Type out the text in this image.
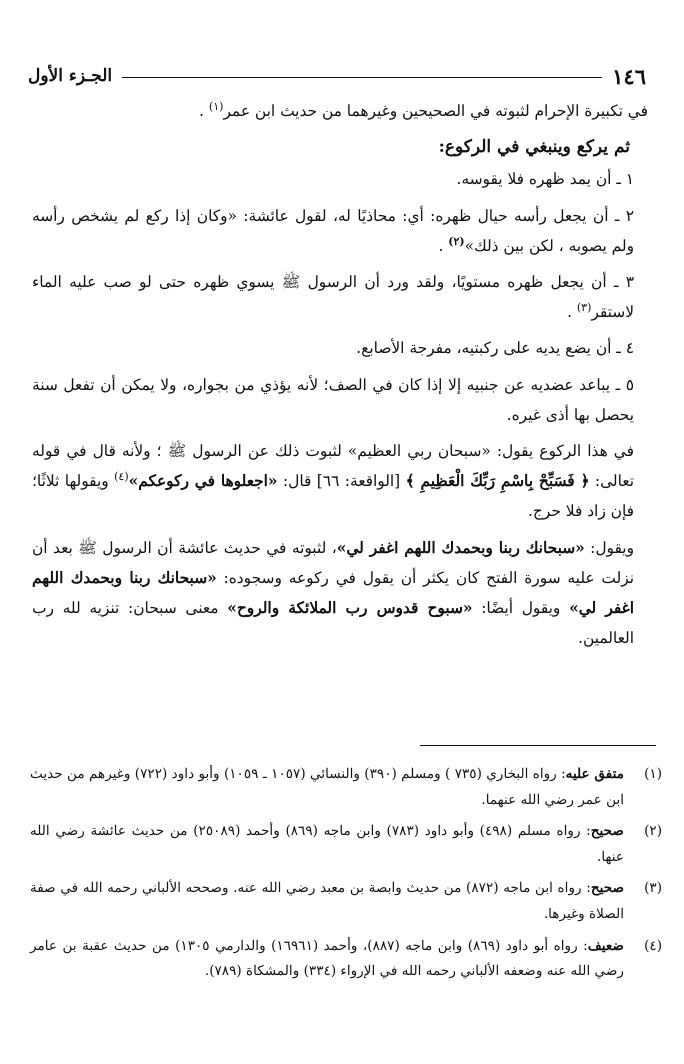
١٤٦
الجـزء الأول

في تكبيرة الإحرام لثبوته في الصحيحين وغيرهما من حديث ابن عمر$^{(١)}$ .

ثم يركع وينبغي في الركوع:

١ ـ أن يمد ظهره فلا يقوسه.

٢ ـ أن يجعل رأسه حيال ظهره: أي: محاذيًا له، لقول عائشة: «وكان إذا ركع لم يشخص رأسه ولم يصوبه ، لكن بين ذلك»$^{(٢)}$ .

٣ ـ أن يجعل ظهره مستويًا، ولقد ورد أن الرسول ﷺ يسوي ظهره حتى لو صب عليه الماء لاستقر$^{(٣)}$ .

٤ ـ أن يضع يديه على ركبتيه، مفرجة الأصابع.

٥ ـ يباعد عضديه عن جنبيه إلا إذا كان في الصف؛ لأنه يؤذي من بجواره، ولا يمكن أن تفعل سنة يحصل بها أذى غيره.

في هذا الركوع يقول: «سبحان ربي العظيم» لثبوت ذلك عن الرسول ﷺ ؛ ولأنه قال في قوله تعالى: ﴿ فَسَبِّحْ بِاسْمِ رَبِّكَ الْعَظِيمِ ﴾ [الواقعة: ٦٦] قال: «اجعلوها في ركوعكم»$^{(٤)}$ ويقولها ثلاثًا؛ فإن زاد فلا حرج.

ويقول: «سبحانك ربنا وبحمدك اللهم اغفر لي»، لثبوته في حديث عائشة أن الرسول ﷺ بعد أن نزلت عليه سورة الفتح كان يكثر أن يقول في ركوعه وسجوده: «سبحانك ربنا وبحمدك اللهم اغفر لي» ويقول أيضًا: «سبوح قدوس رب الملائكة والروح» معنى سبحان: تنزيه لله رب العالمين.

(١)
متفق عليه: رواه البخاري (٧٣٥ ) ومسلم (٣٩٠) والنسائي (١٠٥٧ ـ ١٠٥٩) وأبو داود (٧٢٢) وغيرهم من حديث ابن عمر رضي الله عنهما.
(٢)
صحيح: رواه مسلم (٤٩٨) وأبو داود (٧٨٣) وابن ماجه (٨٦٩) وأحمد (٢٥٠٨٩) من حديث عائشة رضي الله عنها.
(٣)
صحيح: رواه ابن ماجه (٨٧٢) من حديث وابصة بن معبد رضي الله عنه. وصححه الألباني رحمه الله في صفة الصلاة وغيرها.
(٤)
ضعيف: رواه أبو داود (٨٦٩) وابن ماجه (٨٨٧)، وأحمد (١٦٩٦١) والدارمي ١٣٠٥) من حديث عقبة بن عامر رضي الله عنه وضعفه الألباني رحمه الله في الإرواء (٣٣٤) والمشكاة (٧٨٩).
